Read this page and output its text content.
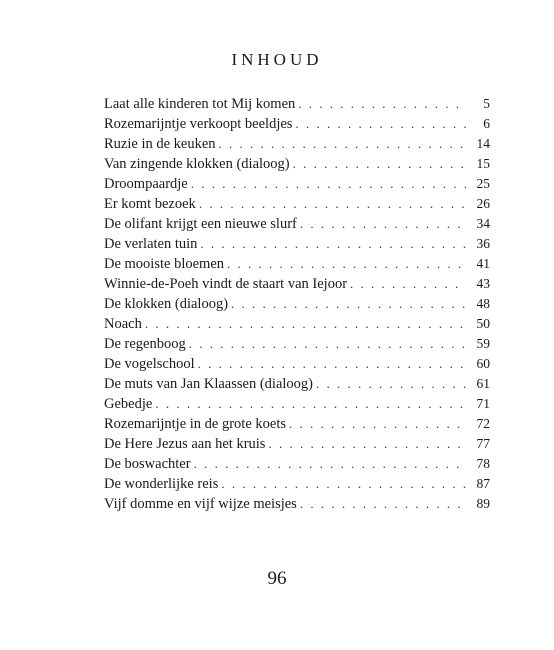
INHOUD
Laat alle kinderen tot Mij komen . . .	5
Rozemarijntje verkoopt beeldjes . . .	6
Ruzie in de keuken . . .	14
Van zingende klokken (dialoog) . . .	15
Droompaardje . . .	25
Er komt bezoek . . .	26
De olifant krijgt een nieuwe slurf . . .	34
De verlaten tuin . . .	36
De mooiste bloemen . . .	41
Winnie-de-Poeh vindt de staart van Iejoor . . .	43
De klokken (dialoog) . . .	48
Noach . . .	50
De regenboog . . .	59
De vogelschool . . .	60
De muts van Jan Klaassen (dialoog) . . .	61
Gebedje . . .	71
Rozemarijntje in de grote koets . . .	72
De Here Jezus aan het kruis . . .	77
De boswachter . . .	78
De wonderlijke reis . . .	87
Vijf domme en vijf wijze meisjes . . .	89
96
